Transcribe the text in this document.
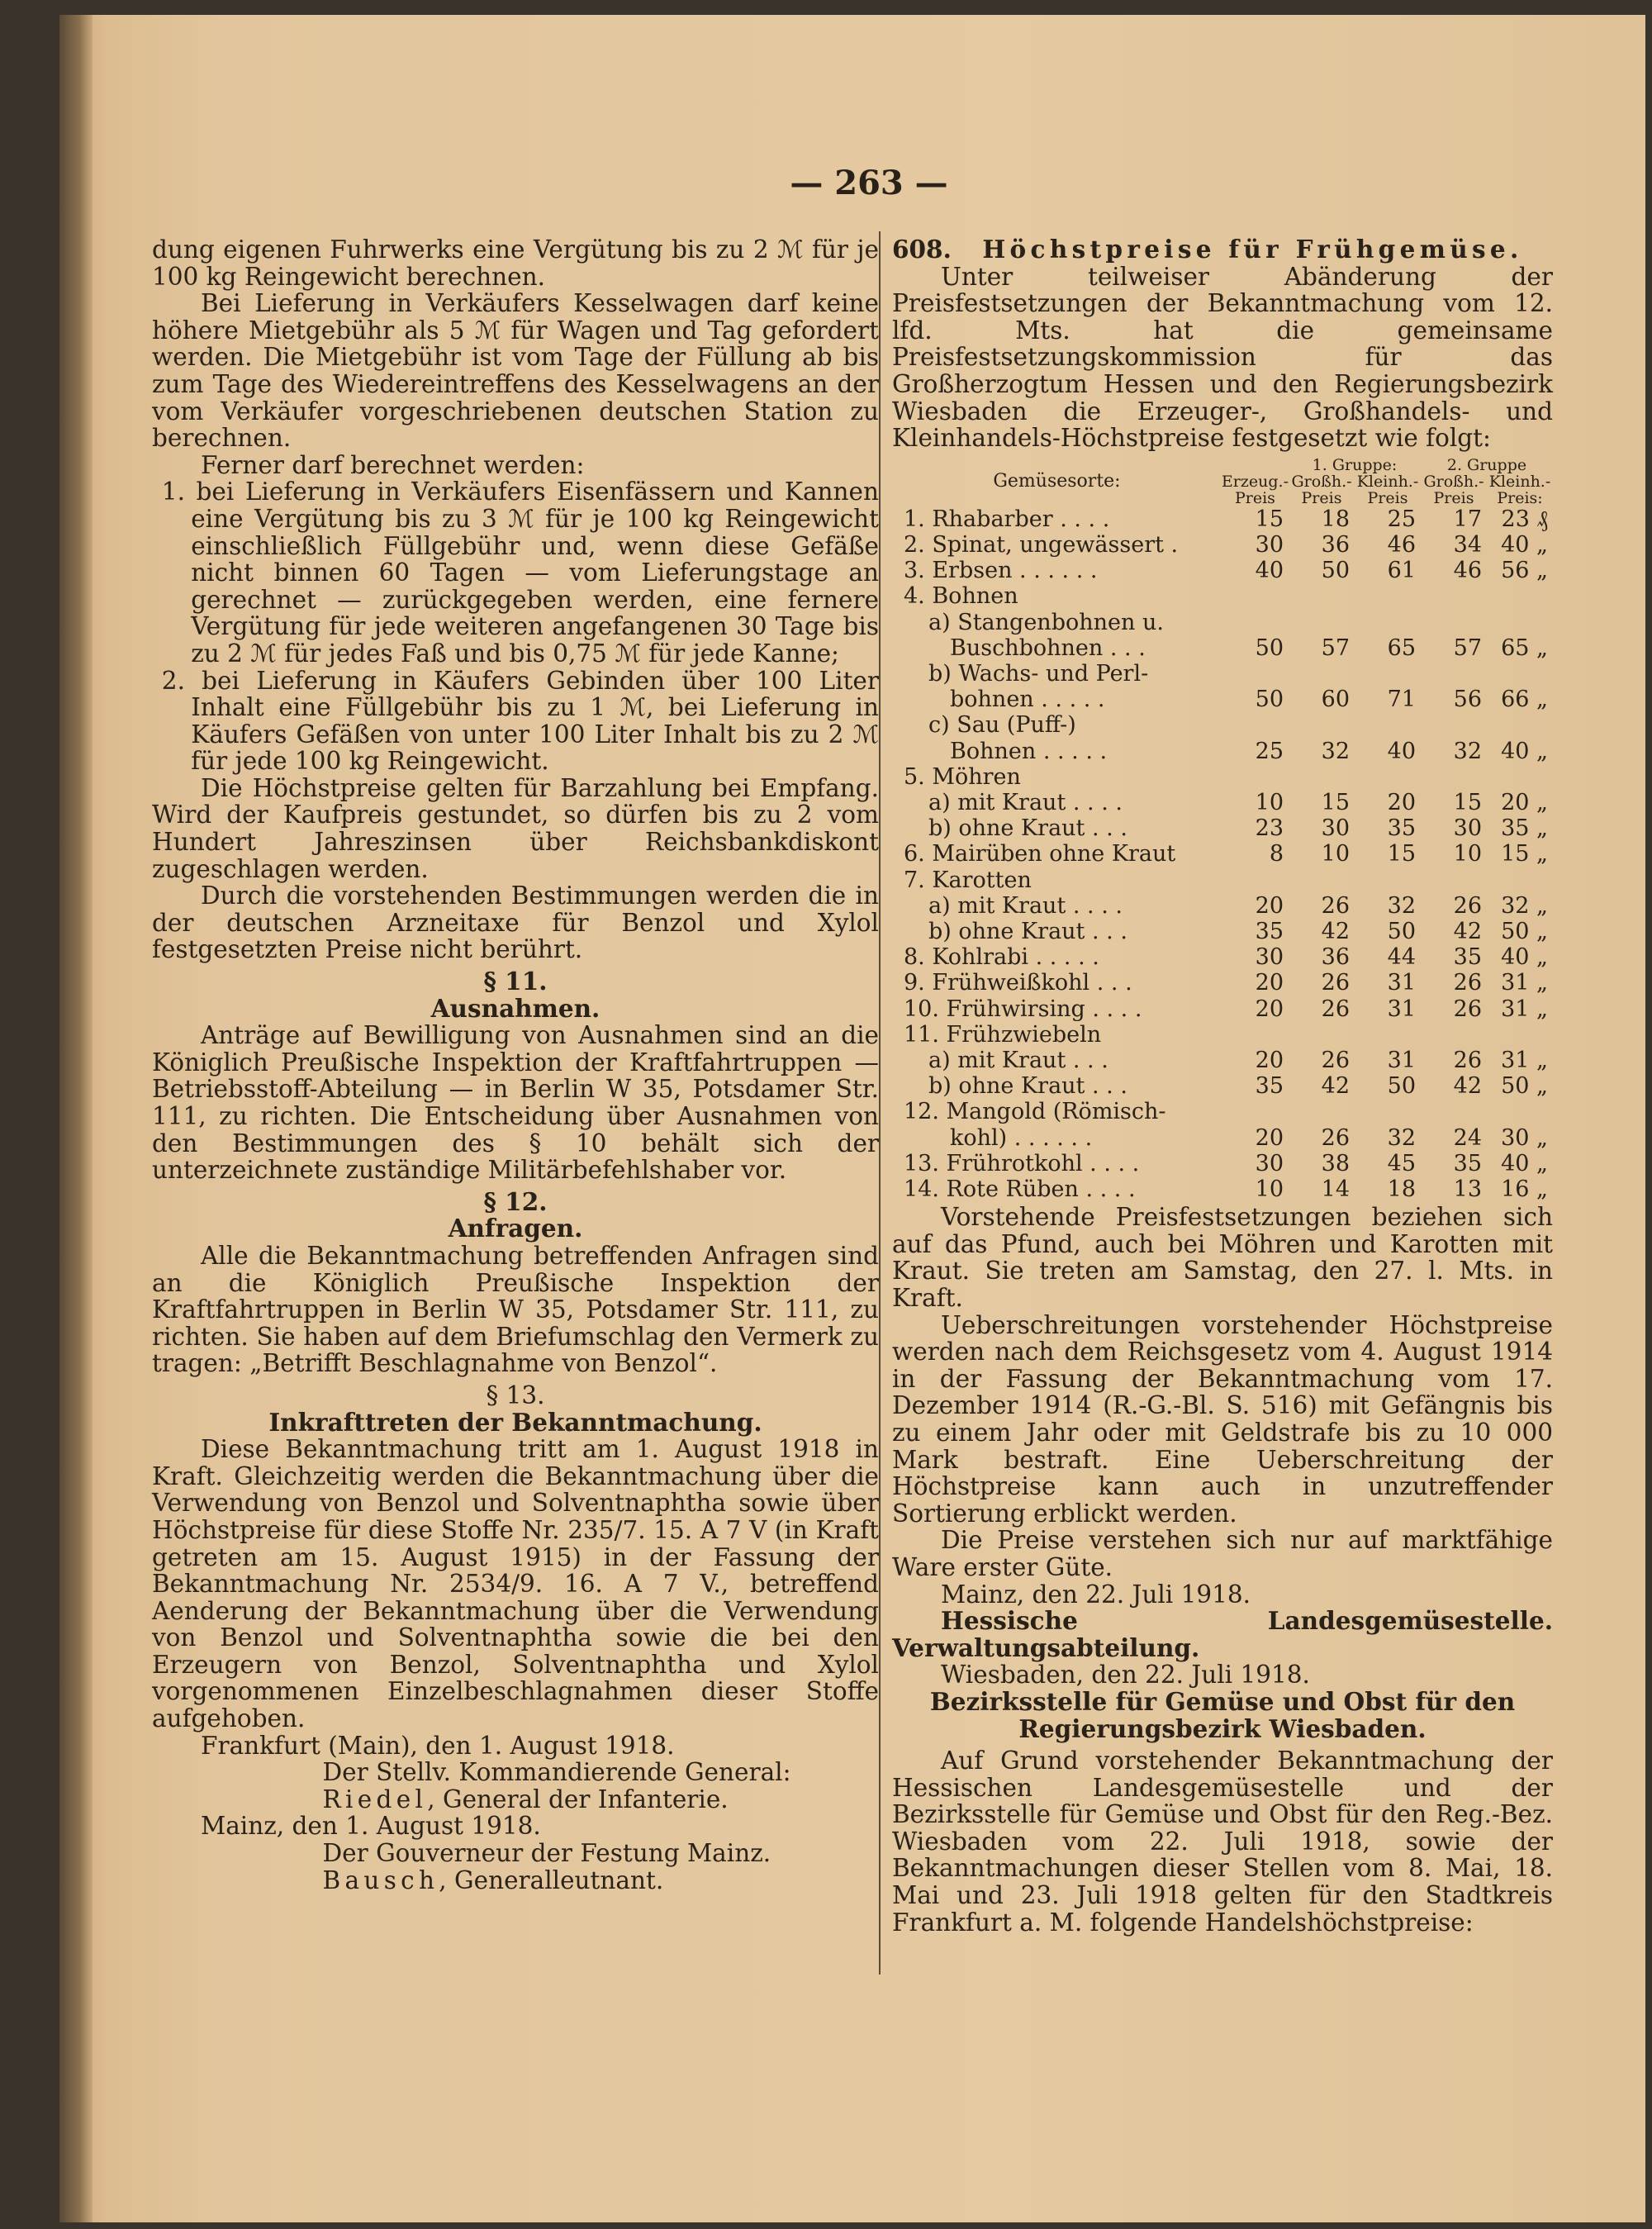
— 263 —

dung eigenen Fuhrwerks eine Vergütung bis zu 2 ℳ für je 100 kg Reingewicht berechnen.

Bei Lieferung in Verkäufers Kesselwagen darf keine höhere Mietgebühr als 5 ℳ für Wagen und Tag gefordert werden. Die Mietgebühr ist vom Tage der Füllung ab bis zum Tage des Wiedereintreffens des Kesselwagens an der vom Verkäufer vorgeschriebenen deutschen Station zu berechnen.

Ferner darf berechnet werden:

1. bei Lieferung in Verkäufers Eisenfässern und Kannen eine Vergütung bis zu 3 ℳ für je 100 kg Reingewicht einschließlich Füllgebühr und, wenn diese Gefäße nicht binnen 60 Tagen — vom Lieferungstage an gerechnet — zurückgegeben werden, eine fernere Vergütung für jede weiteren angefangenen 30 Tage bis zu 2 ℳ für jedes Faß und bis 0,75 ℳ für jede Kanne;

2. bei Lieferung in Käufers Gebinden über 100 Liter Inhalt eine Füllgebühr bis zu 1 ℳ, bei Lieferung in Käufers Gefäßen von unter 100 Liter Inhalt bis zu 2 ℳ für jede 100 kg Reingewicht.

Die Höchstpreise gelten für Barzahlung bei Empfang. Wird der Kaufpreis gestundet, so dürfen bis zu 2 vom Hundert Jahreszinsen über Reichsbankdiskont zugeschlagen werden.

Durch die vorstehenden Bestimmungen werden die in der deutschen Arzneitaxe für Benzol und Xylol festgesetzten Preise nicht berührt.

§ 11.

Ausnahmen.

Anträge auf Bewilligung von Ausnahmen sind an die Königlich Preußische Inspektion der Kraftfahrtruppen — Betriebsstoff-Abteilung — in Berlin W 35, Potsdamer Str. 111, zu richten. Die Entscheidung über Ausnahmen von den Bestimmungen des § 10 behält sich der unterzeichnete zuständige Militärbefehlshaber vor.

§ 12.

Anfragen.

Alle die Bekanntmachung betreffenden Anfragen sind an die Königlich Preußische Inspektion der Kraftfahrtruppen in Berlin W 35, Potsdamer Str. 111, zu richten. Sie haben auf dem Briefumschlag den Vermerk zu tragen: „Betrifft Beschlagnahme von Benzol“.

§ 13.

Inkrafttreten der Bekanntmachung.

Diese Bekanntmachung tritt am 1. August 1918 in Kraft. Gleichzeitig werden die Bekanntmachung über die Verwendung von Benzol und Solventnaphtha sowie über Höchstpreise für diese Stoffe Nr. 235/7. 15. A 7 V (in Kraft getreten am 15. August 1915) in der Fassung der Bekanntmachung Nr. 2534/9. 16. A 7 V., betreffend Aenderung der Bekanntmachung über die Verwendung von Benzol und Solventnaphtha sowie die bei den Erzeugern von Benzol, Solventnaphtha und Xylol vorgenommenen Einzelbeschlagnahmen dieser Stoffe aufgehoben.

Frankfurt (Main), den 1. August 1918.

Der Stellv. Kommandierende General:

Riedel, General der Infanterie.

Mainz, den 1. August 1918.

Der Gouverneur der Festung Mainz.

Bausch, Generalleutnant.

608. Höchstpreise für Frühgemüse.

Unter teilweiser Abänderung der Preisfestsetzungen der Bekanntmachung vom 12. lfd. Mts. hat die gemeinsame Preisfestsetzungskommission für das Großherzogtum Hessen und den Regierungsbezirk Wiesbaden die Erzeuger-, Großhandels- und Kleinhandels-Höchstpreise festgesetzt wie folgt:

Gemüsesorte:		1. Gruppe:		2. Gruppe	
	Erzeug.-Preis	Großh.-Preis	Kleinh.-Preis	Großh.-Preis	Kleinh.-Preis:
1. Rhabarber . . . .	15	18	25	17	23 ₰
2. Spinat, ungewässert .	30	36	46	34	40 „
3. Erbsen . . . . . .	40	50	61	46	56 „
4. Bohnen					
a) Stangenbohnen u.					
Buschbohnen . . .	50	57	65	57	65 „
b) Wachs- und Perl-					
bohnen . . . . .	50	60	71	56	66 „
c) Sau (Puff-)					
Bohnen . . . . .	25	32	40	32	40 „
5. Möhren					
a) mit Kraut . . . .	10	15	20	15	20 „
b) ohne Kraut . . .	23	30	35	30	35 „
6. Mairüben ohne Kraut	8	10	15	10	15 „
7. Karotten					
a) mit Kraut . . . .	20	26	32	26	32 „
b) ohne Kraut . . .	35	42	50	42	50 „
8. Kohlrabi . . . . .	30	36	44	35	40 „
9. Frühweißkohl . . .	20	26	31	26	31 „
10. Frühwirsing . . . .	20	26	31	26	31 „
11. Frühzwiebeln					
a) mit Kraut . . .	20	26	31	26	31 „
b) ohne Kraut . . .	35	42	50	42	50 „
12. Mangold (Römisch-					
kohl) . . . . . .	20	26	32	24	30 „
13. Frührotkohl . . . .	30	38	45	35	40 „
14. Rote Rüben . . . .	10	14	18	13	16 „

Vorstehende Preisfestsetzungen beziehen sich auf das Pfund, auch bei Möhren und Karotten mit Kraut. Sie treten am Samstag, den 27. l. Mts. in Kraft.

Ueberschreitungen vorstehender Höchstpreise werden nach dem Reichsgesetz vom 4. August 1914 in der Fassung der Bekanntmachung vom 17. Dezember 1914 (R.-G.-Bl. S. 516) mit Gefängnis bis zu einem Jahr oder mit Geldstrafe bis zu 10 000 Mark bestraft. Eine Ueberschreitung der Höchstpreise kann auch in unzutreffender Sortierung erblickt werden.

Die Preise verstehen sich nur auf marktfähige Ware erster Güte.

Mainz, den 22. Juli 1918.

Hessische Landesgemüsestelle. Verwaltungsabteilung.

Wiesbaden, den 22. Juli 1918.

Bezirksstelle für Gemüse und Obst für den

Regierungsbezirk Wiesbaden.

Auf Grund vorstehender Bekanntmachung der Hessischen Landesgemüsestelle und der Bezirksstelle für Gemüse und Obst für den Reg.-Bez. Wiesbaden vom 22. Juli 1918, sowie der Bekanntmachungen dieser Stellen vom 8. Mai, 18. Mai und 23. Juli 1918 gelten für den Stadtkreis Frankfurt a. M. folgende Handelshöchstpreise:
